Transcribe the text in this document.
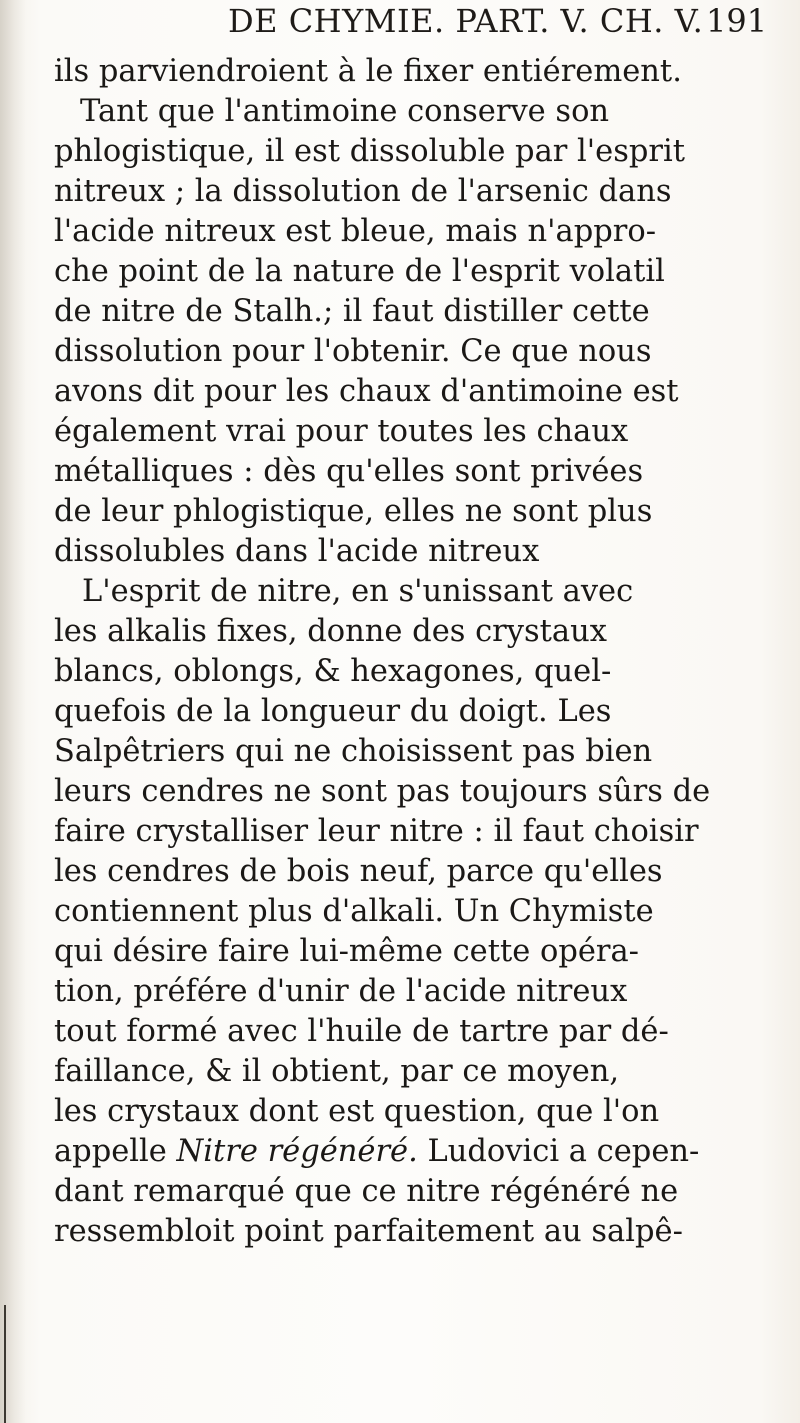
DE CHYMIE. PART. V. CH. V. 191
ils parviendroient à le fixer entiérement.
Tant que l'antimoine conserve son
phlogistique, il est dissoluble par l'esprit
nitreux ; la dissolution de l'arsenic dans
l'acide nitreux est bleue, mais n'appro-
che point de la nature de l'esprit volatil
de nitre de Stalh.; il faut distiller cette
dissolution pour l'obtenir. Ce que nous
avons dit pour les chaux d'antimoine est
également vrai pour toutes les chaux
métalliques : dès qu'elles sont privées
de leur phlogistique, elles ne sont plus
dissolubles dans l'acide nitreux
L'esprit de nitre, en s'unissant avec
les alkalis fixes, donne des crystaux
blancs, oblongs, & hexagones, quel-
quefois de la longueur du doigt. Les
Salpêtriers qui ne choisissent pas bien
leurs cendres ne sont pas toujours sûrs de
faire crystalliser leur nitre : il faut choisir
les cendres de bois neuf, parce qu'elles
contiennent plus d'alkali. Un Chymiste
qui désire faire lui-même cette opéra-
tion, préfére d'unir de l'acide nitreux
tout formé avec l'huile de tartre par dé-
faillance, & il obtient, par ce moyen,
les crystaux dont est question, que l'on
appelle Nitre régénéré. Ludovici a cepen-
dant remarqué que ce nitre régénéré ne
ressembloit point parfaitement au salpê-
